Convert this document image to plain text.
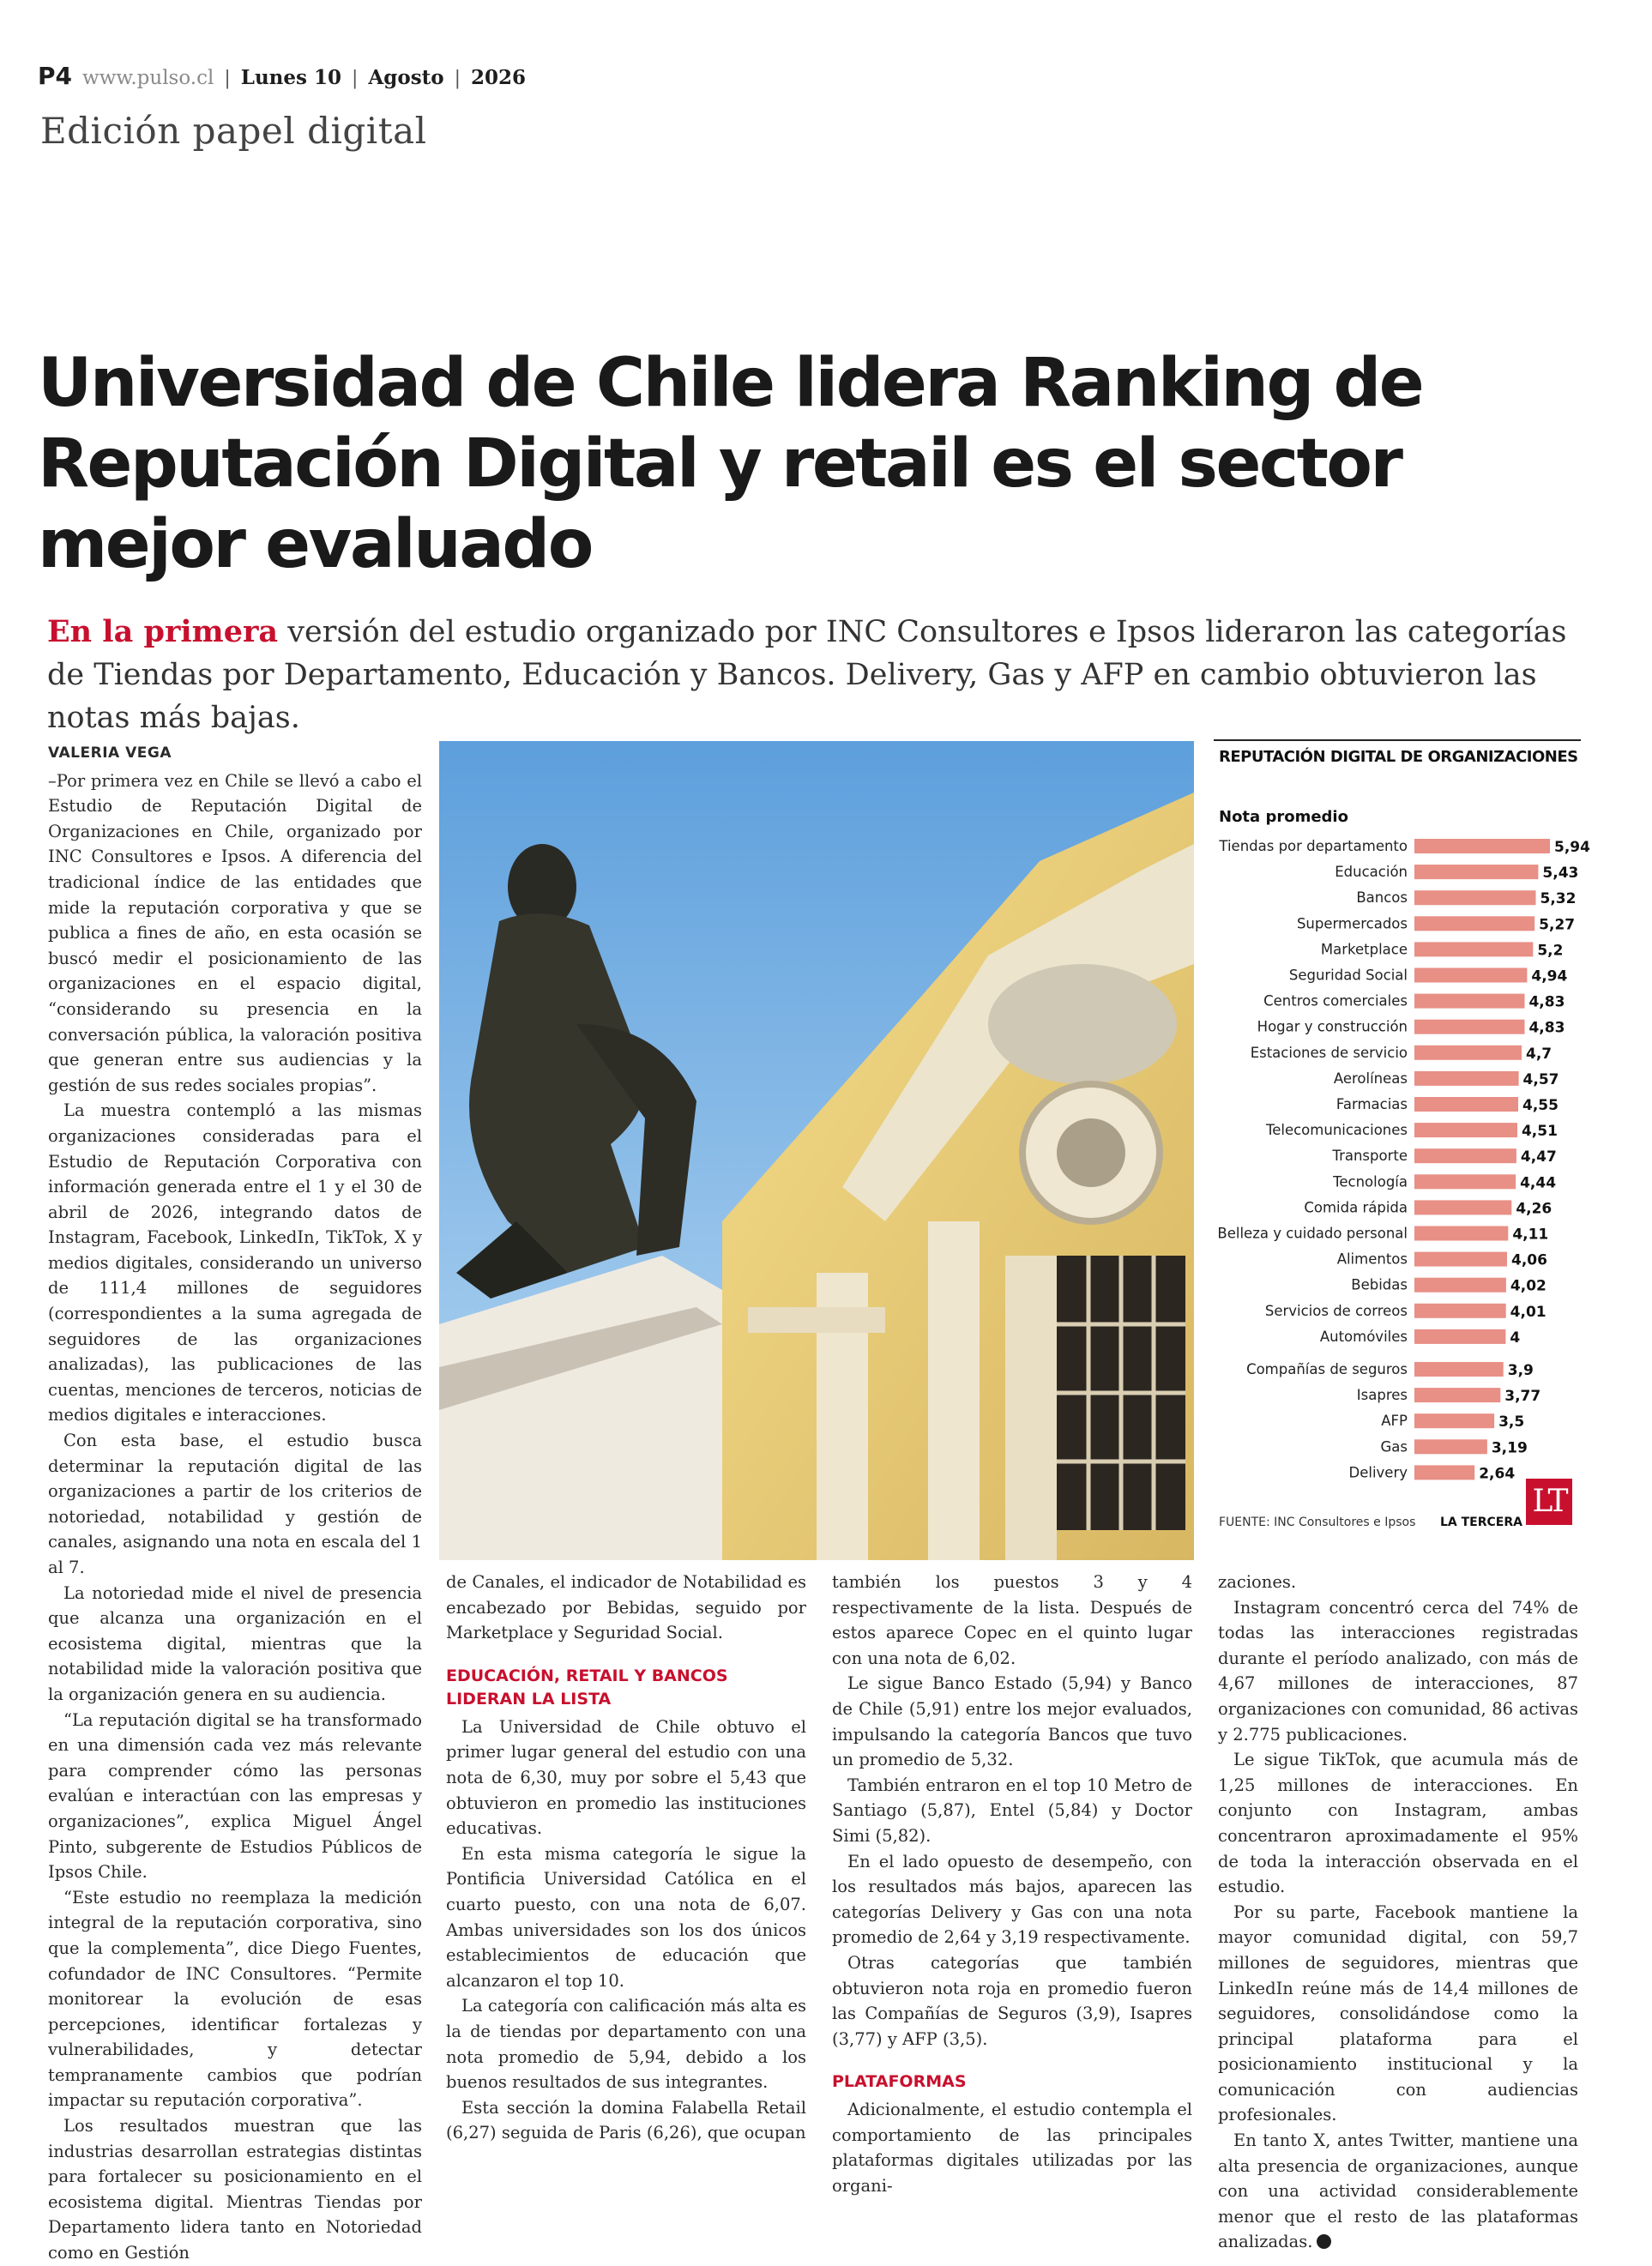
P4 www.pulso.cl | Lunes 10 | Agosto | 2026
Edición papel digital
Universidad de Chile lidera Ranking de Reputación Digital y retail es el sector mejor evaluado

En la primera versión del estudio organizado por INC Consultores e Ipsos lideraron las categorías de Tiendas por Departamento, Educación y Bancos. Delivery, Gas y AFP en cambio obtuvieron las notas más bajas.

VALERIA VEGA

–Por primera vez en Chile se llevó a cabo el Estudio de Reputación Digital de Organizaciones en Chile, organizado por INC Consultores e Ipsos. A diferencia del tradicional índice de las entidades que mide la reputación corporativa y que se publica a fines de año, en esta ocasión se buscó medir el posicionamiento de las organizaciones en el espacio digital, “considerando su presencia en la conversación pública, la valoración positiva que generan entre sus audiencias y la gestión de sus redes sociales propias”.

La muestra contempló a las mismas organizaciones consideradas para el Estudio de Reputación Corporativa con información generada entre el 1 y el 30 de abril de 2026, integrando datos de Instagram, Facebook, LinkedIn, TikTok, X y medios digitales, considerando un universo de 111,4 millones de seguidores (correspondientes a la suma agregada de seguidores de las organizaciones analizadas), las publicaciones de las cuentas, menciones de terceros, noticias de medios digitales e interacciones.

Con esta base, el estudio busca determinar la reputación digital de las organizaciones a partir de los criterios de notoriedad, notabilidad y gestión de canales, asignando una nota en escala del 1 al 7.

La notoriedad mide el nivel de presencia que alcanza una organización en el ecosistema digital, mientras que la notabilidad mide la valoración positiva que la organización genera en su audiencia.

“La reputación digital se ha transformado en una dimensión cada vez más relevante para comprender cómo las personas evalúan e interactúan con las empresas y organizaciones”, explica Miguel Ángel Pinto, subgerente de Estudios Públicos de Ipsos Chile.

“Este estudio no reemplaza la medición integral de la reputación corporativa, sino que la complementa”, dice Diego Fuentes, cofundador de INC Consultores. “Permite monitorear la evolución de esas percepciones, identificar fortalezas y vulnerabilidades, y detectar tempranamente cambios que podrían impactar su reputación corporativa”.

Los resultados muestran que las industrias desarrollan estrategias distintas para fortalecer su posicionamiento en el ecosistema digital. Mientras Tiendas por Departamento lidera tanto en Notoriedad como en Gestión

REPUTACIÓN DIGITAL DE ORGANIZACIONES
Nota promedio
Tiendas por departamento	5,94
Educación	5,43
Bancos	5,32
Supermercados	5,27
Marketplace	5,2
Seguridad Social	4,94
Centros comerciales	4,83
Hogar y construcción	4,83
Estaciones de servicio	4,7
Aerolíneas	4,57
Farmacias	4,55
Telecomunicaciones	4,51
Transporte	4,47
Tecnología	4,44
Comida rápida	4,26
Belleza y cuidado personal	4,11
Alimentos	4,06
Bebidas	4,02
Servicios de correos	4,01
Automóviles	4
Compañías de seguros	3,9
Isapres	3,77
AFP	3,5
Gas	3,19
Delivery	2,64
FUENTE: INC Consultores e Ipsos LA TERCERA
LT

de Canales, el indicador de Notabilidad es encabezado por Bebidas, seguido por Marketplace y Seguridad Social.

EDUCACIÓN, RETAIL Y BANCOS LIDERAN LA LISTA

La Universidad de Chile obtuvo el primer lugar general del estudio con una nota de 6,30, muy por sobre el 5,43 que obtuvieron en promedio las instituciones educativas.

En esta misma categoría le sigue la Pontificia Universidad Católica en el cuarto puesto, con una nota de 6,07. Ambas universidades son los dos únicos establecimientos de educación que alcanzaron el top 10.

La categoría con calificación más alta es la de tiendas por departamento con una nota promedio de 5,94, debido a los buenos resultados de sus integrantes.

Esta sección la domina Falabella Retail (6,27) seguida de Paris (6,26), que ocupan

también los puestos 3 y 4 respectivamente de la lista. Después de estos aparece Copec en el quinto lugar con una nota de 6,02.

Le sigue Banco Estado (5,94) y Banco de Chile (5,91) entre los mejor evaluados, impulsando la categoría Bancos que tuvo un promedio de 5,32.

También entraron en el top 10 Metro de Santiago (5,87), Entel (5,84) y Doctor Simi (5,82).

En el lado opuesto de desempeño, con los resultados más bajos, aparecen las categorías Delivery y Gas con una nota promedio de 2,64 y 3,19 respectivamente.

Otras categorías que también obtuvieron nota roja en promedio fueron las Compañías de Seguros (3,9), Isapres (3,77) y AFP (3,5).

PLATAFORMAS

Adicionalmente, el estudio contempla el comportamiento de las principales plataformas digitales utilizadas por las organi-

zaciones.

Instagram concentró cerca del 74% de todas las interacciones registradas durante el período analizado, con más de 4,67 millones de interacciones, 87 organizaciones con comunidad, 86 activas y 2.775 publicaciones.

Le sigue TikTok, que acumula más de 1,25 millones de interacciones. En conjunto con Instagram, ambas concentraron aproximadamente el 95% de toda la interacción observada en el estudio.

Por su parte, Facebook mantiene la mayor comunidad digital, con 59,7 millones de seguidores, mientras que LinkedIn reúne más de 14,4 millones de seguidores, consolidándose como la principal plataforma para el posicionamiento institucional y la comunicación con audiencias profesionales.

En tanto X, antes Twitter, mantiene una alta presencia de organizaciones, aunque con una actividad considerablemente menor que el resto de las plataformas analizadas.
